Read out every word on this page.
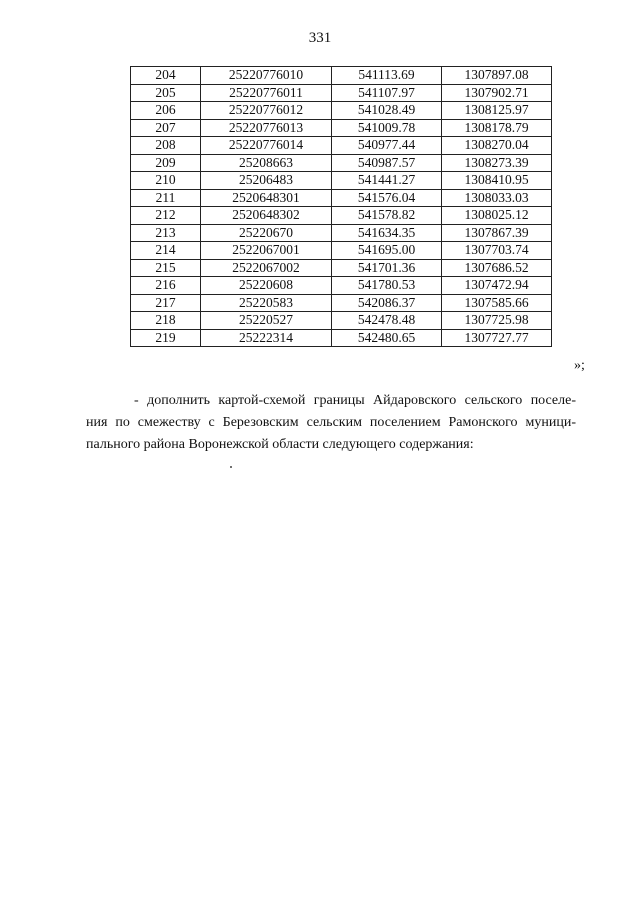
331
204	25220776010	541113.69	1307897.08
205	25220776011	541107.97	1307902.71
206	25220776012	541028.49	1308125.97
207	25220776013	541009.78	1308178.79
208	25220776014	540977.44	1308270.04
209	25208663	540987.57	1308273.39
210	25206483	541441.27	1308410.95
211	2520648301	541576.04	1308033.03
212	2520648302	541578.82	1308025.12
213	25220670	541634.35	1307867.39
214	2522067001	541695.00	1307703.74
215	2522067002	541701.36	1307686.52
216	25220608	541780.53	1307472.94
217	25220583	542086.37	1307585.66
218	25220527	542478.48	1307725.98
219	25222314	542480.65	1307727.77
»;
- дополнить картой-схемой границы Айдаровского сельского поселе-
ния по смежеству с Березовским сельским поселением Рамонского муници-
пального района Воронежской области следующего содержания:
